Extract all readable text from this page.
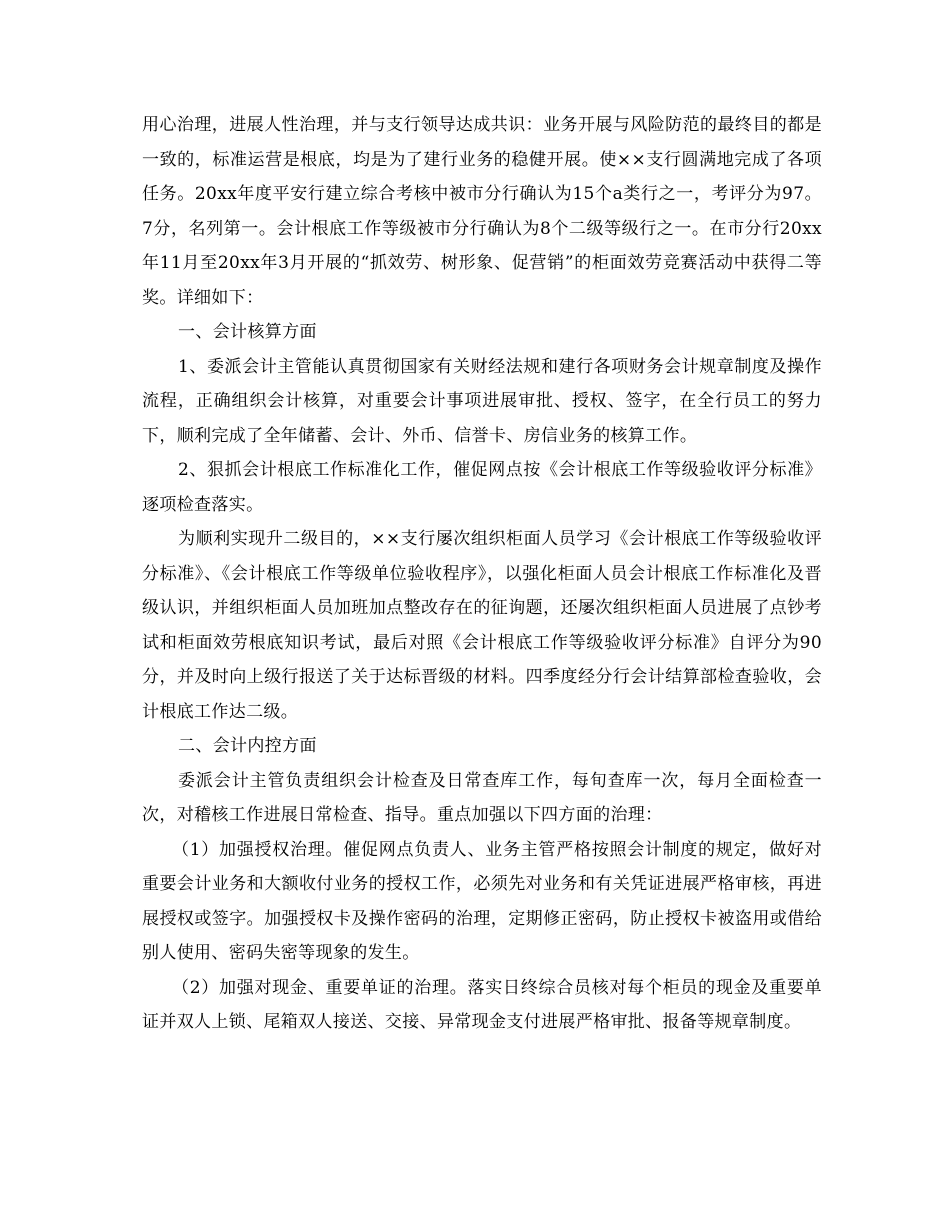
用心治理，进展人性治理，并与支行领导达成共识：业务开展与风险防范的最终目的都是一致的，标准运营是根底，均是为了建行业务的稳健开展。使××支行圆满地完成了各项任务。20xx年度平安行建立综合考核中被市分行确认为15个a类行之一，考评分为97。7分，名列第一。会计根底工作等级被市分行确认为8个二级等级行之一。在市分行20xx年11月至20xx年3月开展的“抓效劳、树形象、促营销”的柜面效劳竞赛活动中获得二等奖。详细如下：

一、会计核算方面

1、委派会计主管能认真贯彻国家有关财经法规和建行各项财务会计规章制度及操作流程，正确组织会计核算，对重要会计事项进展审批、授权、签字，在全行员工的努力下，顺利完成了全年储蓄、会计、外币、信誉卡、房信业务的核算工作。

2、狠抓会计根底工作标准化工作，催促网点按《会计根底工作等级验收评分标准》逐项检查落实。

为顺利实现升二级目的，××支行屡次组织柜面人员学习《会计根底工作等级验收评分标准》、《会计根底工作等级单位验收程序》，以强化柜面人员会计根底工作标准化及晋级认识，并组织柜面人员加班加点整改存在的征询题，还屡次组织柜面人员进展了点钞考试和柜面效劳根底知识考试，最后对照《会计根底工作等级验收评分标准》自评分为90分，并及时向上级行报送了关于达标晋级的材料。四季度经分行会计结算部检查验收，会计根底工作达二级。

二、会计内控方面

委派会计主管负责组织会计检查及日常查库工作，每旬查库一次，每月全面检查一次，对稽核工作进展日常检查、指导。重点加强以下四方面的治理：

（1）加强授权治理。催促网点负责人、业务主管严格按照会计制度的规定，做好对重要会计业务和大额收付业务的授权工作，必须先对业务和有关凭证进展严格审核，再进展授权或签字。加强授权卡及操作密码的治理，定期修正密码，防止授权卡被盗用或借给别人使用、密码失密等现象的发生。

（2）加强对现金、重要单证的治理。落实日终综合员核对每个柜员的现金及重要单证并双人上锁、尾箱双人接送、交接、异常现金支付进展严格审批、报备等规章制度。
